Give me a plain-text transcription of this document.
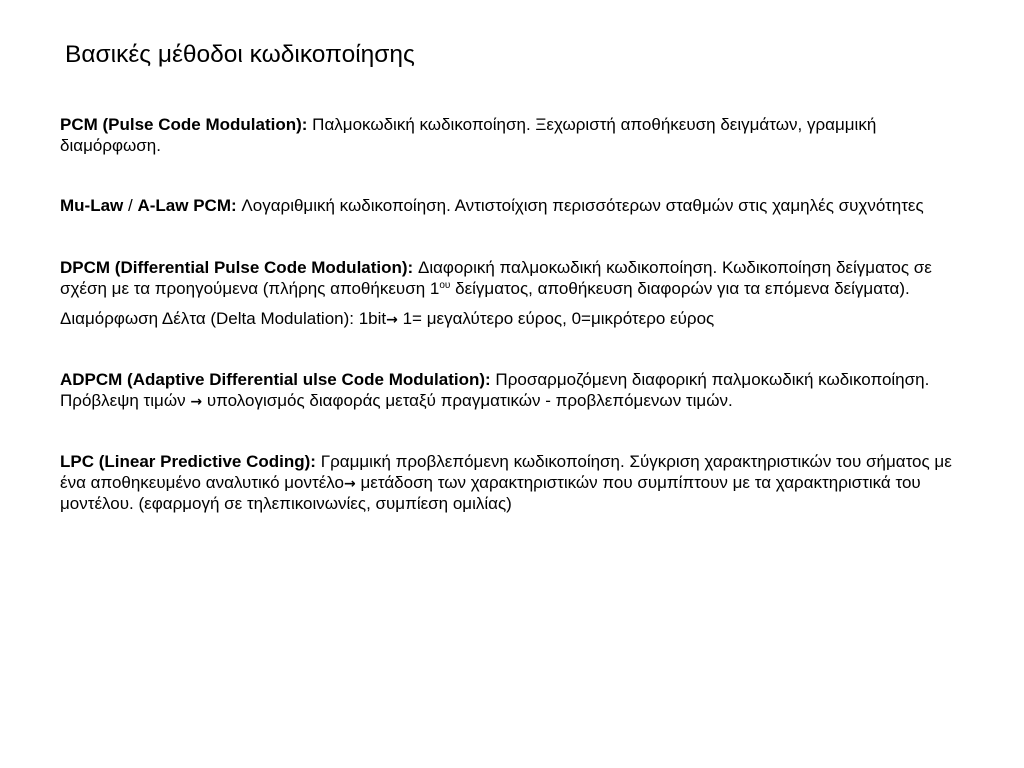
Βασικές μέθοδοι κωδικοποίησης

PCM (Pulse Code Modulation): Παλμοκωδική κωδικοποίηση. Ξεχωριστή αποθήκευση δειγμάτων, γραμμική διαμόρφωση.

Mu-Law / A-Law PCM: Λογαριθμική κωδικοποίηση. Αντιστοίχιση περισσότερων σταθμών στις χαμηλές συχνότητες

DPCM (Differential Pulse Code Modulation): Διαφορική παλμοκωδική κωδικοποίηση. Κωδικοποίηση δείγματος σε σχέση με τα προηγούμενα (πλήρης αποθήκευση $1^{o\upsilon}$ δείγματος, αποθήκευση διαφορών για τα επόμενα δείγματα).

Διαμόρφωση Δέλτα (Delta Modulation): 1bit→ 1= μεγαλύτερο εύρος, 0=μικρότερο εύρος

ADPCM (Adaptive Differential ulse Code Modulation): Προσαρμοζόμενη διαφορική παλμοκωδική κωδικοποίηση. Πρόβλεψη τιμών → υπολογισμός διαφοράς μεταξύ πραγματικών - προβλεπόμενων τιμών.

LPC (Linear Predictive Coding): Γραμμική προβλεπόμενη κωδικοποίηση. Σύγκριση χαρακτηριστικών του σήματος με ένα αποθηκευμένο αναλυτικό μοντέλο→ μετάδοση των χαρακτηριστικών που συμπίπτουν με τα χαρακτηριστικά του μοντέλου. (εφαρμογή σε τηλεπικοινωνίες, συμπίεση ομιλίας)
